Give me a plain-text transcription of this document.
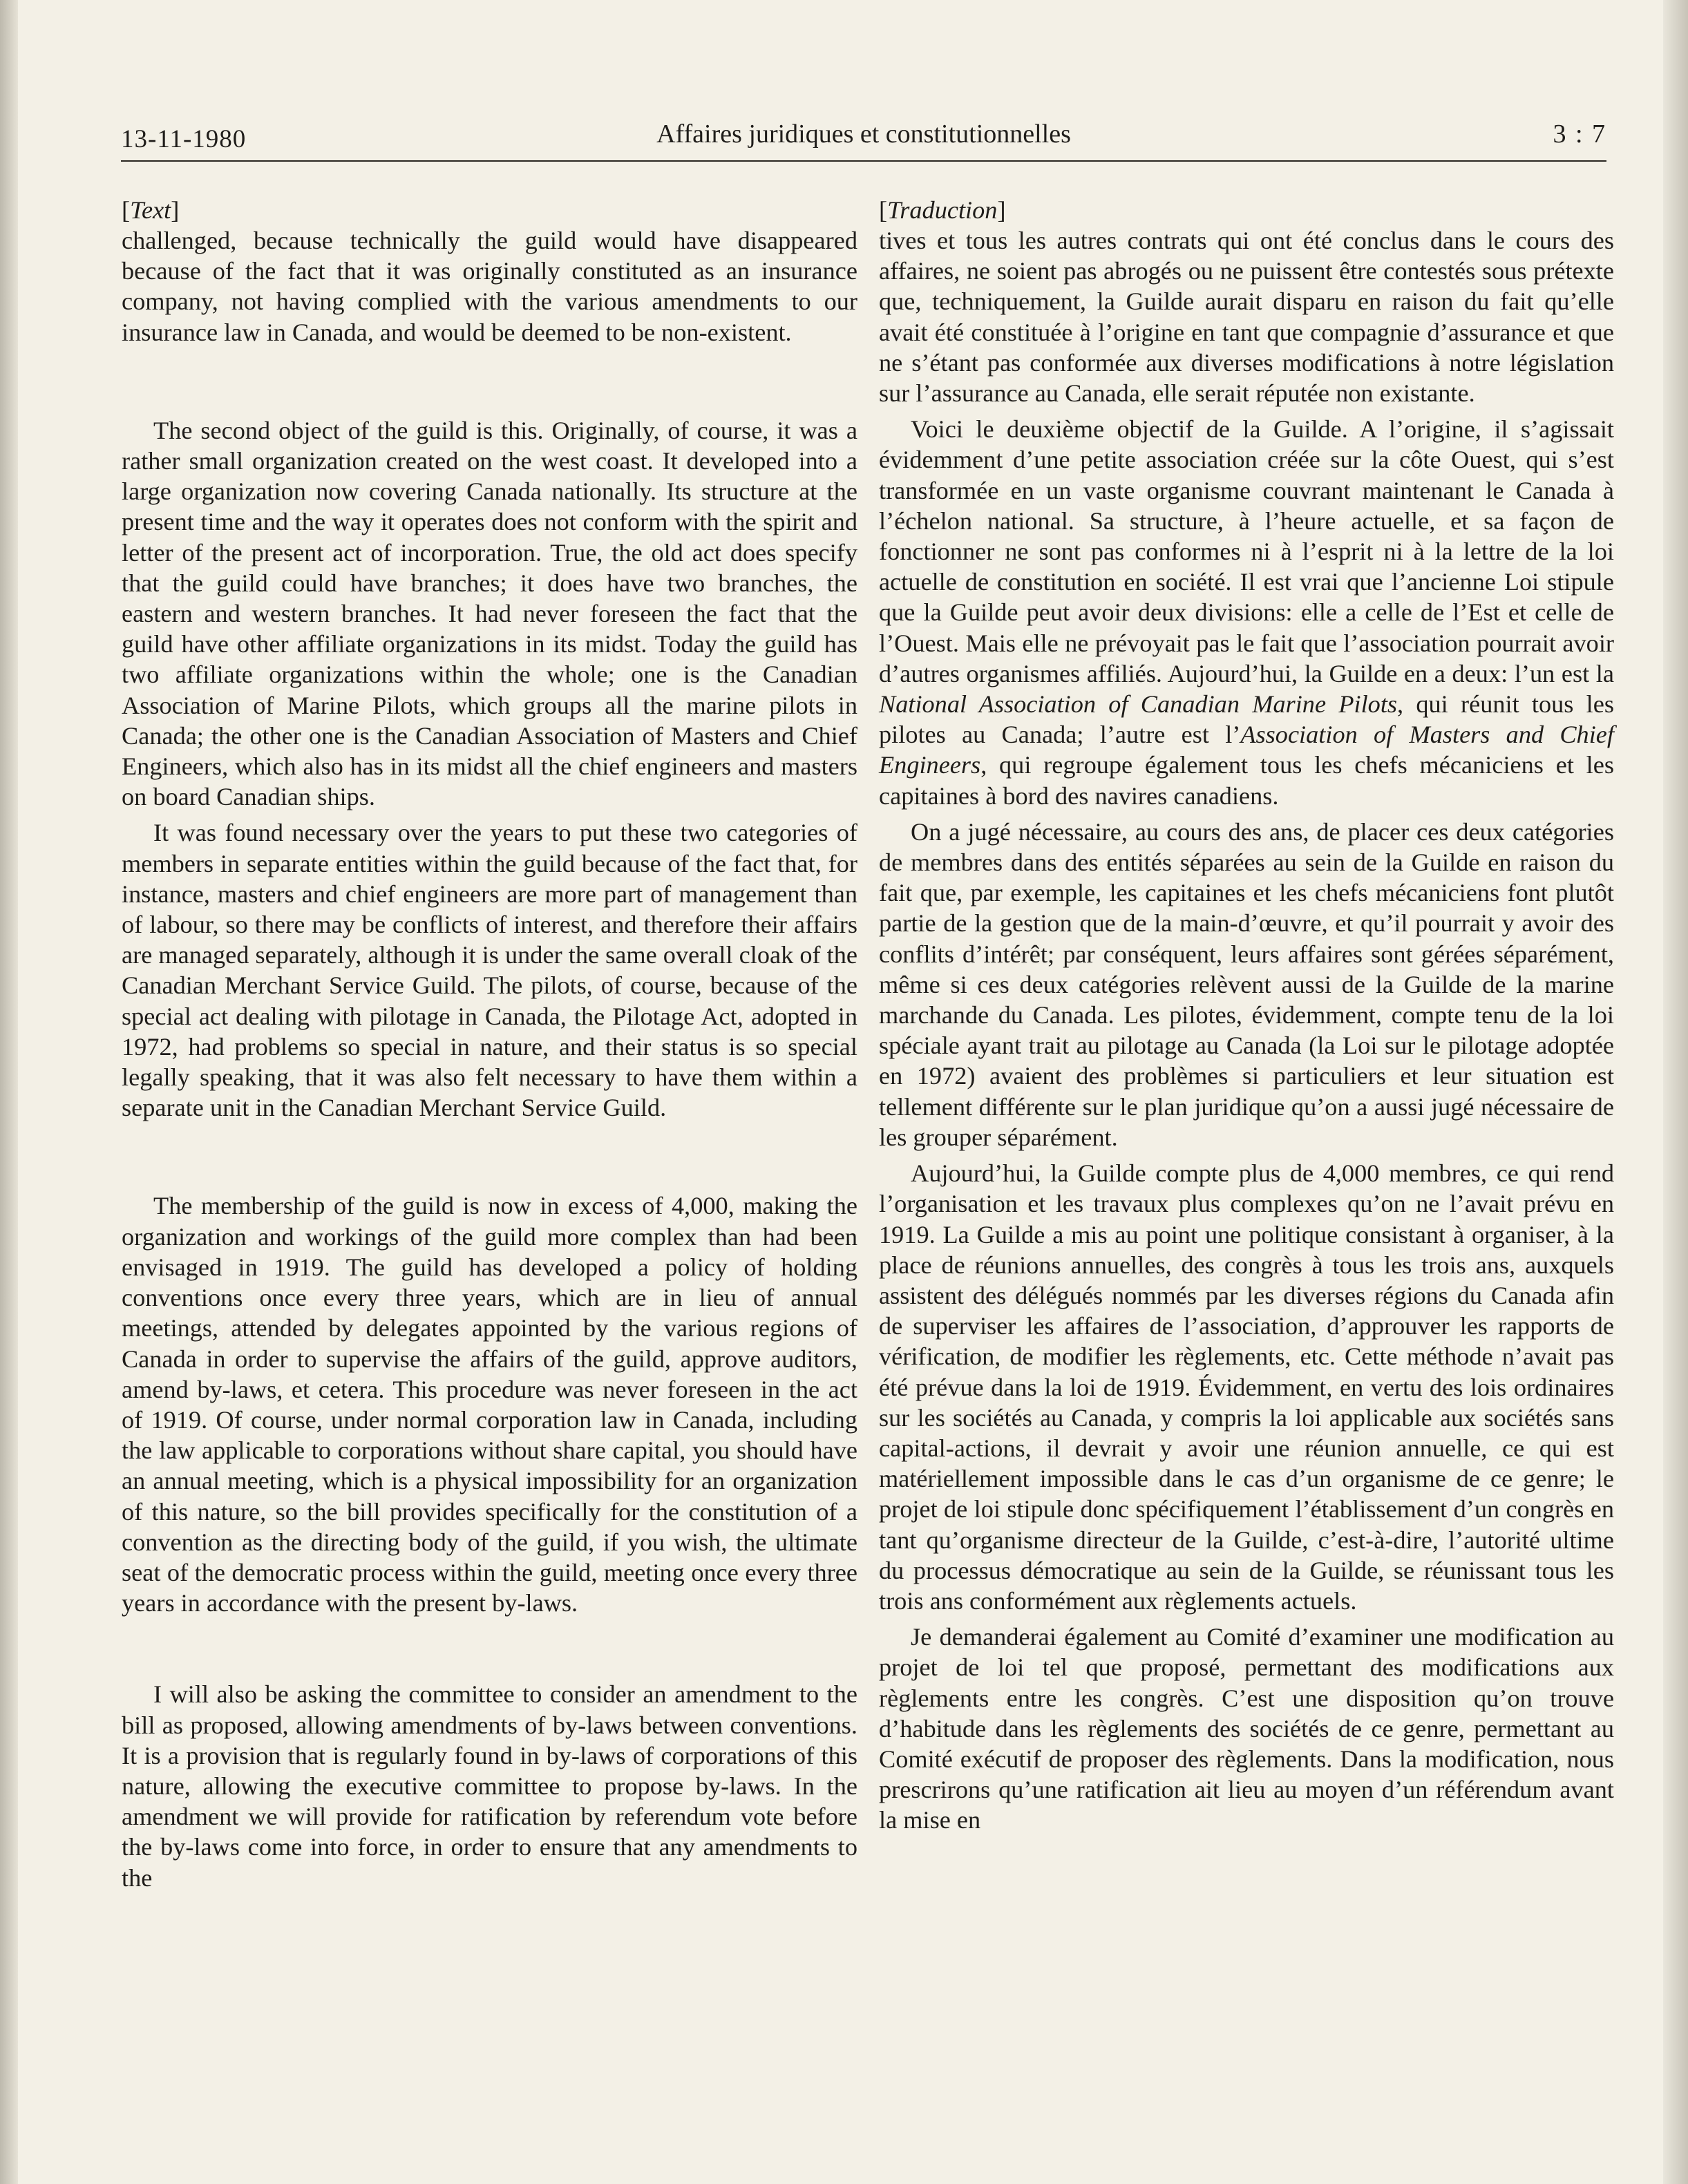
13-11-1980	Affaires juridiques et constitutionnelles	3 : 7
[Text]

challenged, because technically the guild would have disappeared because of the fact that it was originally constituted as an insurance company, not having complied with the various amendments to our insurance law in Canada, and would be deemed to be non-existent.

The second object of the guild is this. Originally, of course, it was a rather small organization created on the west coast. It developed into a large organization now covering Canada nationally. Its structure at the present time and the way it operates does not conform with the spirit and letter of the present act of incorporation. True, the old act does specify that the guild could have branches; it does have two branches, the eastern and western branches. It had never foreseen the fact that the guild have other affiliate organizations in its midst. Today the guild has two affiliate organizations within the whole; one is the Canadian Association of Marine Pilots, which groups all the marine pilots in Canada; the other one is the Canadian Association of Masters and Chief Engineers, which also has in its midst all the chief engineers and masters on board Canadian ships.

It was found necessary over the years to put these two categories of members in separate entities within the guild because of the fact that, for instance, masters and chief engineers are more part of management than of labour, so there may be conflicts of interest, and therefore their affairs are managed separately, although it is under the same overall cloak of the Canadian Merchant Service Guild. The pilots, of course, because of the special act dealing with pilotage in Canada, the Pilotage Act, adopted in 1972, had problems so special in nature, and their status is so special legally speaking, that it was also felt necessary to have them within a separate unit in the Canadian Merchant Service Guild.

The membership of the guild is now in excess of 4,000, making the organization and workings of the guild more complex than had been envisaged in 1919. The guild has developed a policy of holding conventions once every three years, which are in lieu of annual meetings, attended by delegates appointed by the various regions of Canada in order to supervise the affairs of the guild, approve auditors, amend by-laws, et cetera. This procedure was never foreseen in the act of 1919. Of course, under normal corporation law in Canada, including the law applicable to corporations without share capital, you should have an annual meeting, which is a physical impossibility for an organization of this nature, so the bill provides specifically for the constitution of a convention as the directing body of the guild, if you wish, the ultimate seat of the democratic process within the guild, meeting once every three years in accordance with the present by-laws.

I will also be asking the committee to consider an amendment to the bill as proposed, allowing amendments of by-laws between conventions. It is a provision that is regularly found in by-laws of corporations of this nature, allowing the executive committee to propose by-laws. In the amendment we will provide for ratification by referendum vote before the by-laws come into force, in order to ensure that any amendments to the

[Traduction]

tives et tous les autres contrats qui ont été conclus dans le cours des affaires, ne soient pas abrogés ou ne puissent être contestés sous prétexte que, techniquement, la Guilde aurait disparu en raison du fait qu’elle avait été constituée à l’origine en tant que compagnie d’assurance et que ne s’étant pas conformée aux diverses modifications à notre législation sur l’assurance au Canada, elle serait réputée non existante.

Voici le deuxième objectif de la Guilde. A l’origine, il s’agissait évidemment d’une petite association créée sur la côte Ouest, qui s’est transformée en un vaste organisme couvrant maintenant le Canada à l’échelon national. Sa structure, à l’heure actuelle, et sa façon de fonctionner ne sont pas conformes ni à l’esprit ni à la lettre de la loi actuelle de constitution en société. Il est vrai que l’ancienne Loi stipule que la Guilde peut avoir deux divisions: elle a celle de l’Est et celle de l’Ouest. Mais elle ne prévoyait pas le fait que l’association pourrait avoir d’autres organismes affiliés. Aujourd’hui, la Guilde en a deux: l’un est la National Association of Canadian Marine Pilots, qui réunit tous les pilotes au Canada; l’autre est l’Association of Masters and Chief Engineers, qui regroupe également tous les chefs mécaniciens et les capitaines à bord des navires canadiens.

On a jugé nécessaire, au cours des ans, de placer ces deux catégories de membres dans des entités séparées au sein de la Guilde en raison du fait que, par exemple, les capitaines et les chefs mécaniciens font plutôt partie de la gestion que de la main-d’œuvre, et qu’il pourrait y avoir des conflits d’intérêt; par conséquent, leurs affaires sont gérées séparément, même si ces deux catégories relèvent aussi de la Guilde de la marine marchande du Canada. Les pilotes, évidemment, compte tenu de la loi spéciale ayant trait au pilotage au Canada (la Loi sur le pilotage adoptée en 1972) avaient des problèmes si particuliers et leur situation est tellement différente sur le plan juridique qu’on a aussi jugé nécessaire de les grouper séparément.

Aujourd’hui, la Guilde compte plus de 4,000 membres, ce qui rend l’organisation et les travaux plus complexes qu’on ne l’avait prévu en 1919. La Guilde a mis au point une politique consistant à organiser, à la place de réunions annuelles, des congrès à tous les trois ans, auxquels assistent des délégués nommés par les diverses régions du Canada afin de superviser les affaires de l’association, d’approuver les rapports de vérification, de modifier les règlements, etc. Cette méthode n’avait pas été prévue dans la loi de 1919. Évidemment, en vertu des lois ordinaires sur les sociétés au Canada, y compris la loi applicable aux sociétés sans capital-actions, il devrait y avoir une réunion annuelle, ce qui est matériellement impossible dans le cas d’un organisme de ce genre; le projet de loi stipule donc spécifiquement l’établissement d’un congrès en tant qu’organisme directeur de la Guilde, c’est-à-dire, l’autorité ultime du processus démocratique au sein de la Guilde, se réunissant tous les trois ans conformément aux règlements actuels.

Je demanderai également au Comité d’examiner une modification au projet de loi tel que proposé, permettant des modifications aux règlements entre les congrès. C’est une disposition qu’on trouve d’habitude dans les règlements des sociétés de ce genre, permettant au Comité exécutif de proposer des règlements. Dans la modification, nous prescrirons qu’une ratification ait lieu au moyen d’un référendum avant la mise en
